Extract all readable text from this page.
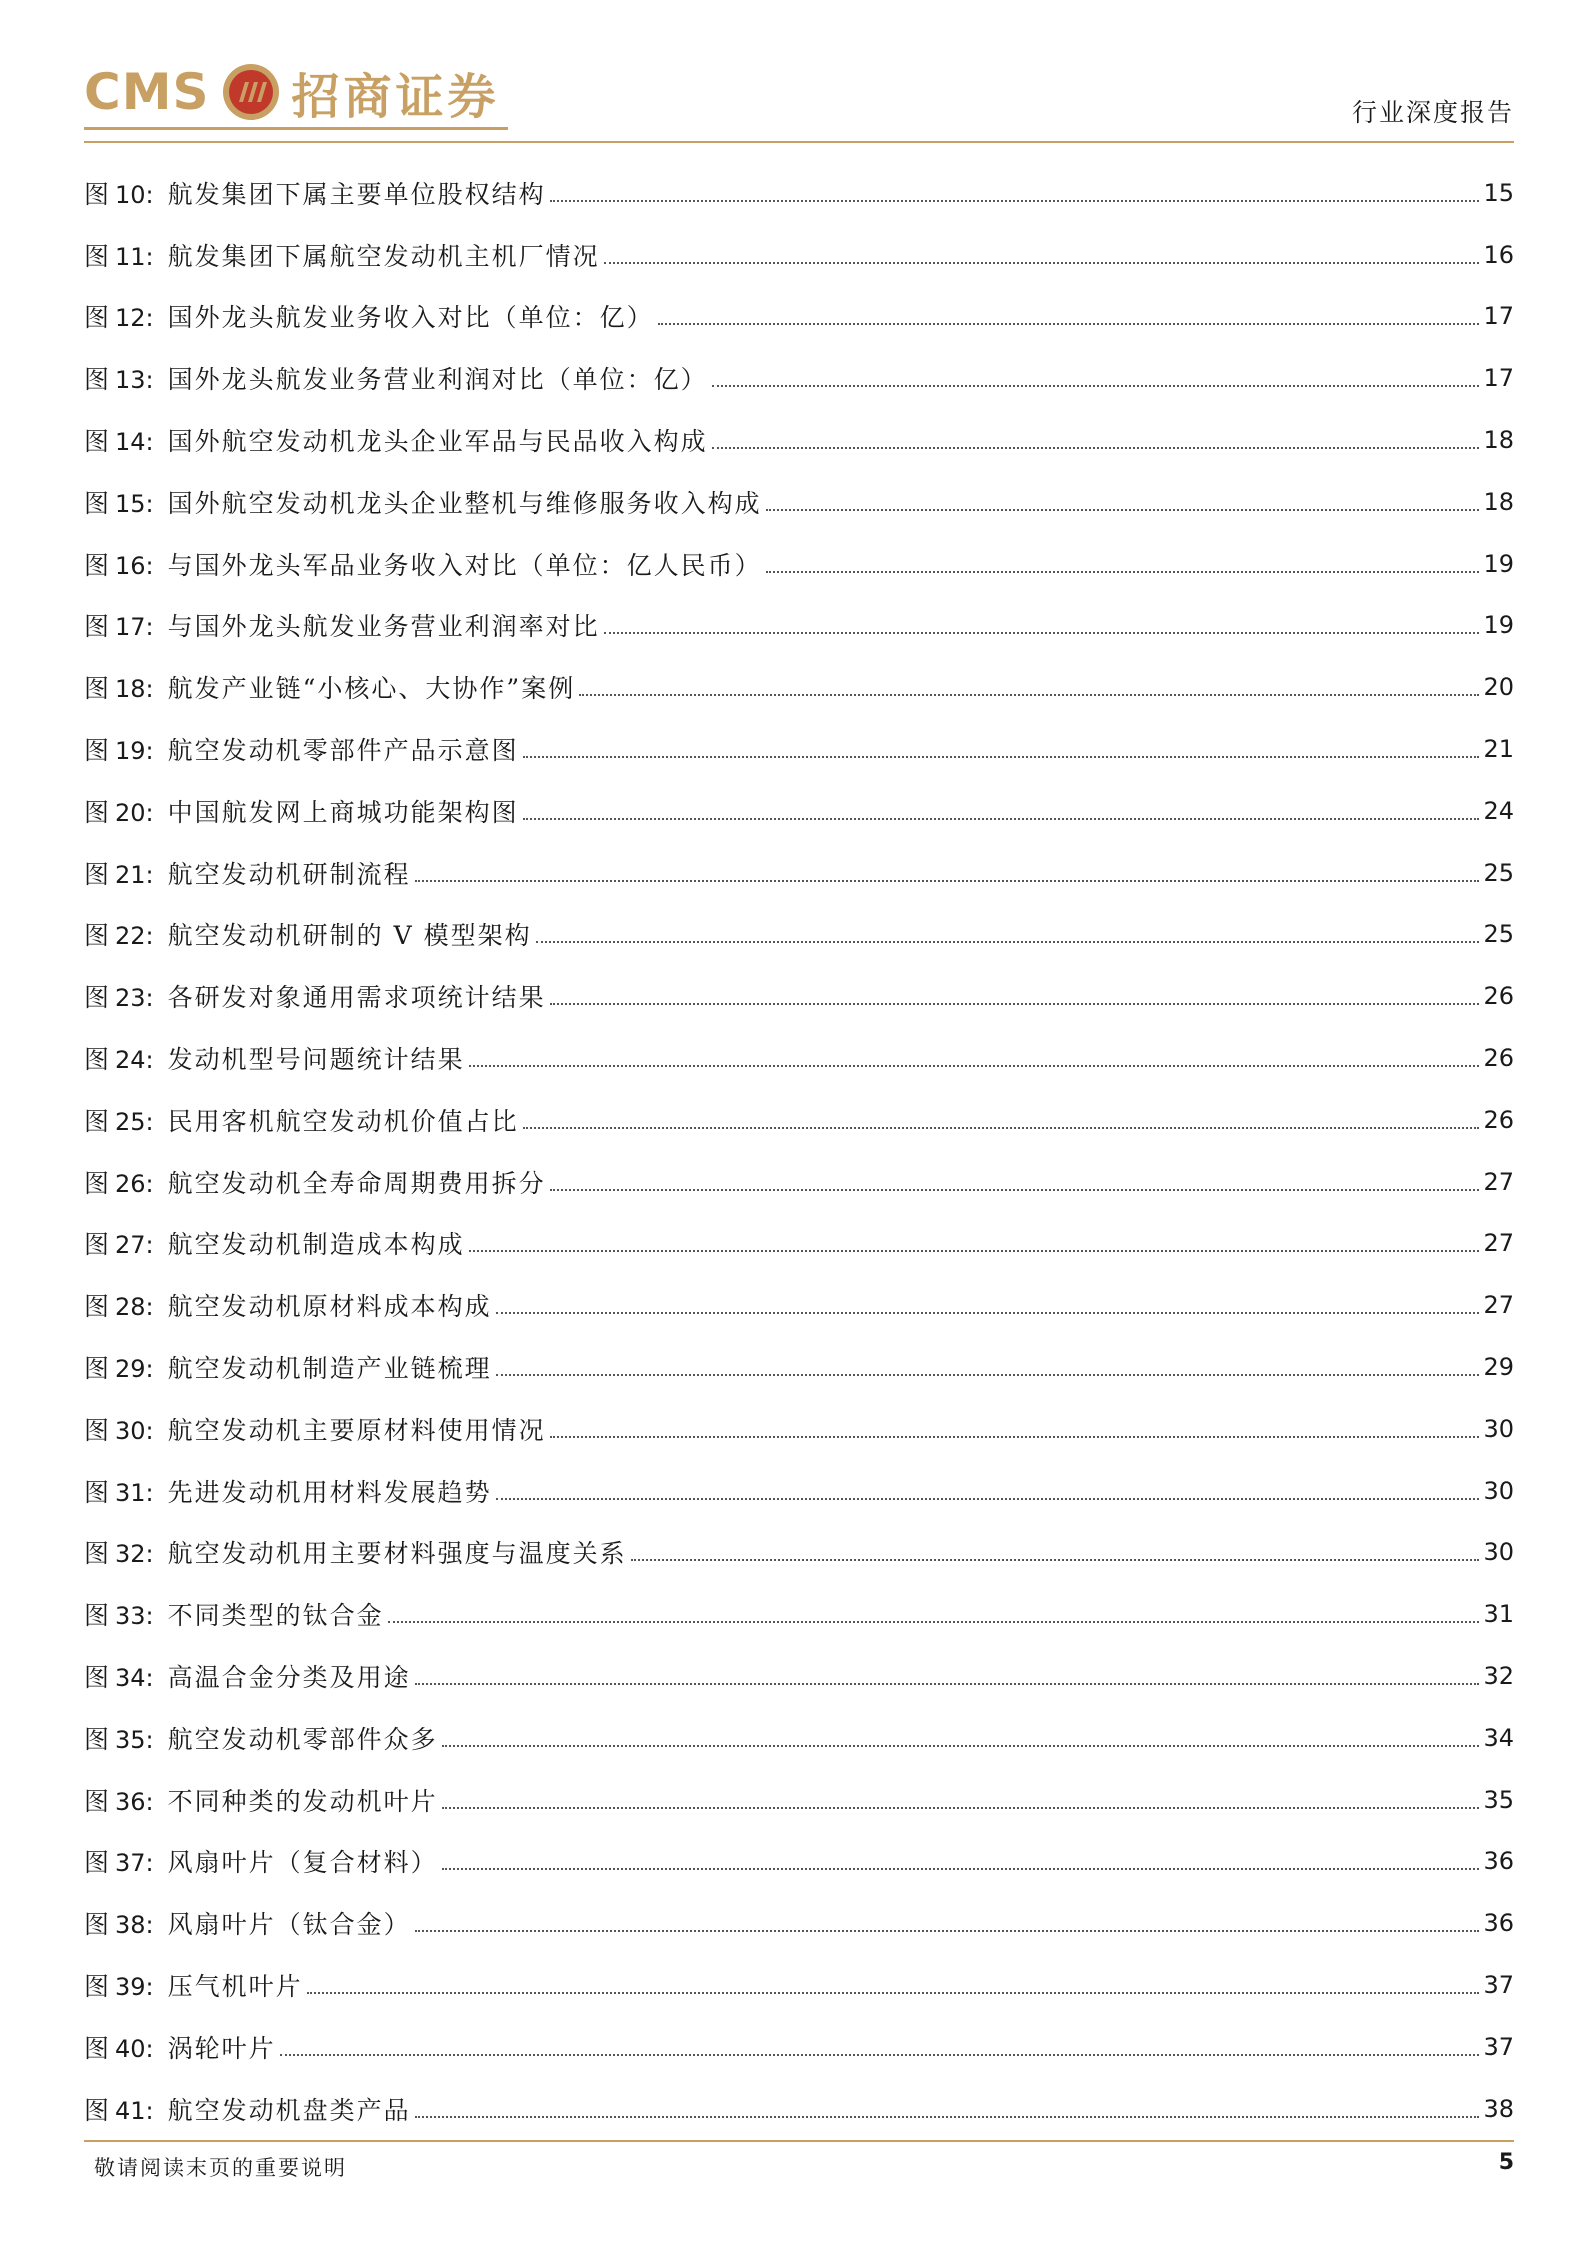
CMS 招商证券	行业深度报告
图 10: 航发集团下属主要单位股权结构	15
图 11: 航发集团下属航空发动机主机厂情况	16
图 12: 国外龙头航发业务收入对比（单位：亿）	17
图 13: 国外龙头航发业务营业利润对比（单位：亿）	17
图 14: 国外航空发动机龙头企业军品与民品收入构成	18
图 15: 国外航空发动机龙头企业整机与维修服务收入构成	18
图 16: 与国外龙头军品业务收入对比（单位：亿人民币）	19
图 17: 与国外龙头航发业务营业利润率对比	19
图 18: 航发产业链“小核心、大协作”案例	20
图 19: 航空发动机零部件产品示意图	21
图 20: 中国航发网上商城功能架构图	24
图 21: 航空发动机研制流程	25
图 22: 航空发动机研制的 V 模型架构	25
图 23: 各研发对象通用需求项统计结果	26
图 24: 发动机型号问题统计结果	26
图 25: 民用客机航空发动机价值占比	26
图 26: 航空发动机全寿命周期费用拆分	27
图 27: 航空发动机制造成本构成	27
图 28: 航空发动机原材料成本构成	27
图 29: 航空发动机制造产业链梳理	29
图 30: 航空发动机主要原材料使用情况	30
图 31: 先进发动机用材料发展趋势	30
图 32: 航空发动机用主要材料强度与温度关系	30
图 33: 不同类型的钛合金	31
图 34: 高温合金分类及用途	32
图 35: 航空发动机零部件众多	34
图 36: 不同种类的发动机叶片	35
图 37: 风扇叶片（复合材料）	36
图 38: 风扇叶片（钛合金）	36
图 39: 压气机叶片	37
图 40: 涡轮叶片	37
图 41: 航空发动机盘类产品	38
敬请阅读末页的重要说明	5
